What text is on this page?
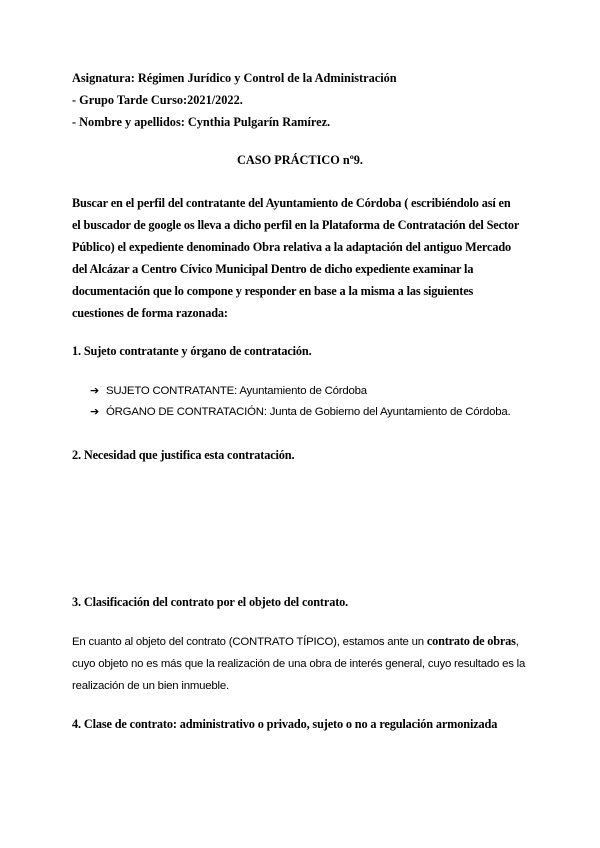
Asignatura: Régimen Jurídico y Control de la Administración
- Grupo Tarde Curso:2021/2022.
- Nombre y apellidos: Cynthia Pulgarín Ramírez.
CASO PRÁCTICO nº9.

Buscar en el perfil del contratante del Ayuntamiento de Córdoba ( escribiéndolo así en

el buscador de google os lleva a dicho perfil en la Plataforma de Contratación del Sector

Público) el expediente denominado Obra relativa a la adaptación del antiguo Mercado

del Alcázar a Centro Cívico Municipal Dentro de dicho expediente examinar la

documentación que lo compone y responder en base a la misma a las siguientes

cuestiones de forma razonada:

1. Sujeto contratante y órgano de contratación.
➔ SUJETO CONTRATANTE: Ayuntamiento de Córdoba
➔ ÓRGANO DE CONTRATACIÓN: Junta de Gobierno del Ayuntamiento de Córdoba.
2. Necesidad que justifica esta contratación.
3. Clasificación del contrato por el objeto del contrato.
En cuanto al objeto del contrato (CONTRATO TÍPICO), estamos ante un contrato de obras,
cuyo objeto no es más que la realización de una obra de interés general, cuyo resultado es la
realización de un bien inmueble.
4. Clase de contrato: administrativo o privado, sujeto o no a regulación armonizada
